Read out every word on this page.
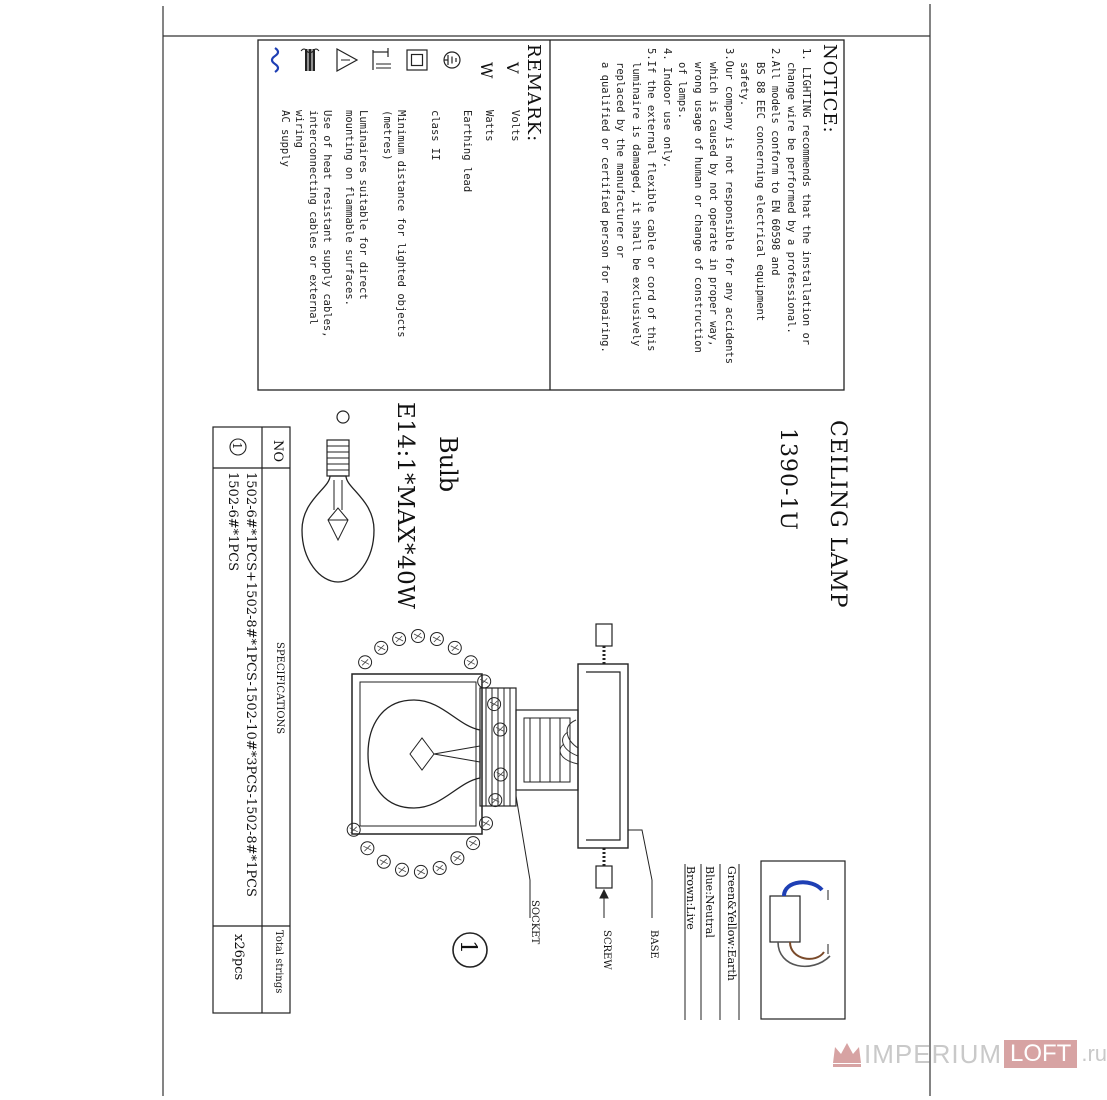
NOTICE:
1. LIGHTING recommends that the installation or
change wire be performed by a professional.
2.All models conform to EN 60598 and
BS 88 EEC concerning electrical equipment
safety.
3.Our company is not responsible for any accidents
which is caused by not operate in proper way,
wrong usage of human or change of construction
of lamps.
4. Indoor use only.
5.If the external flexible cable or cord of this
luminaire is damaged, it shall be exclusively
replaced by the manufacturer or
a qualified or certified person for repairing.
REMARK:
V
W
Volts
Watts
Earthing lead
class II
Minimum distance for lighted objects (metres)
Luminaires suitable for direct mounting on flammable surfaces.
Use of heat resistant supply cables, interconnecting cables or external wiring
AC supply
CEILING LAMP
1390-1U
Bulb
E14:1*MAX*40W
BASE
SCREW
SOCKET
1	Green&Yellow:Earth
Blue:Neutral
Brown:Live
NO
SPECIFICATIONS
Total strings
1
1502-6#*1PCS+1502-8#*1PCS-1502-10#*3PCS-1502-8#*1PCS
1502-6#*1PCS
x26pcs
IMPERIUM LOFT .ru
